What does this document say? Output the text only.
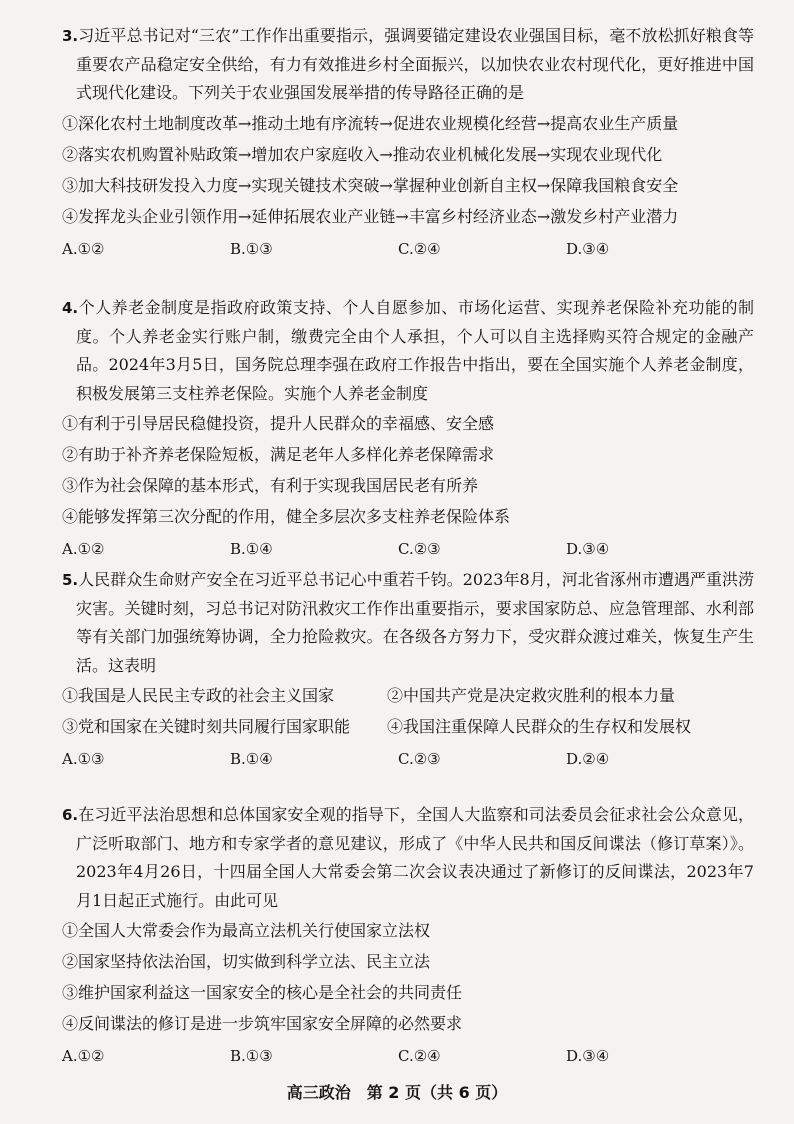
3.习近平总书记对“三农”工作作出重要指示，强调要锚定建设农业强国目标，毫不放松抓好粮食等重要农产品稳定安全供给，有力有效推进乡村全面振兴，以加快农业农村现代化，更好推进中国式现代化建设。下列关于农业强国发展举措的传导路径正确的是

①深化农村土地制度改革→推动土地有序流转→促进农业规模化经营→提高农业生产质量

②落实农机购置补贴政策→增加农户家庭收入→推动农业机械化发展→实现农业现代化

③加大科技研发投入力度→实现关键技术突破→掌握种业创新自主权→保障我国粮食安全

④发挥龙头企业引领作用→延伸拓展农业产业链→丰富乡村经济业态→激发乡村产业潜力

A.①②	B.①③	C.②④	D.③④

4.个人养老金制度是指政府政策支持、个人自愿参加、市场化运营、实现养老保险补充功能的制度。个人养老金实行账户制，缴费完全由个人承担，个人可以自主选择购买符合规定的金融产品。2024年3月5日，国务院总理李强在政府工作报告中指出，要在全国实施个人养老金制度，积极发展第三支柱养老保险。实施个人养老金制度

①有利于引导居民稳健投资，提升人民群众的幸福感、安全感

②有助于补齐养老保险短板，满足老年人多样化养老保障需求

③作为社会保障的基本形式，有利于实现我国居民老有所养

④能够发挥第三次分配的作用，健全多层次多支柱养老保险体系

A.①②	B.①④	C.②③	D.③④

5.人民群众生命财产安全在习近平总书记心中重若千钧。2023年8月，河北省涿州市遭遇严重洪涝灾害。关键时刻，习总书记对防汛救灾工作作出重要指示，要求国家防总、应急管理部、水利部等有关部门加强统筹协调，全力抢险救灾。在各级各方努力下，受灾群众渡过难关，恢复生产生活。这表明

①我国是人民民主专政的社会主义国家	②中国共产党是决定救灾胜利的根本力量
③党和国家在关键时刻共同履行国家职能	④我国注重保障人民群众的生存权和发展权
A.①③	B.①④	C.②③	D.②④

6.在习近平法治思想和总体国家安全观的指导下，全国人大监察和司法委员会征求社会公众意见，广泛听取部门、地方和专家学者的意见建议，形成了《中华人民共和国反间谍法（修订草案）》。2023年4月26日，十四届全国人大常委会第二次会议表决通过了新修订的反间谍法，2023年7月1日起正式施行。由此可见

①全国人大常委会作为最高立法机关行使国家立法权

②国家坚持依法治国，切实做到科学立法、民主立法

③维护国家利益这一国家安全的核心是全社会的共同责任

④反间谍法的修订是进一步筑牢国家安全屏障的必然要求

A.①②	B.①③	C.②④	D.③④
高三政治　第 2 页（共 6 页）
